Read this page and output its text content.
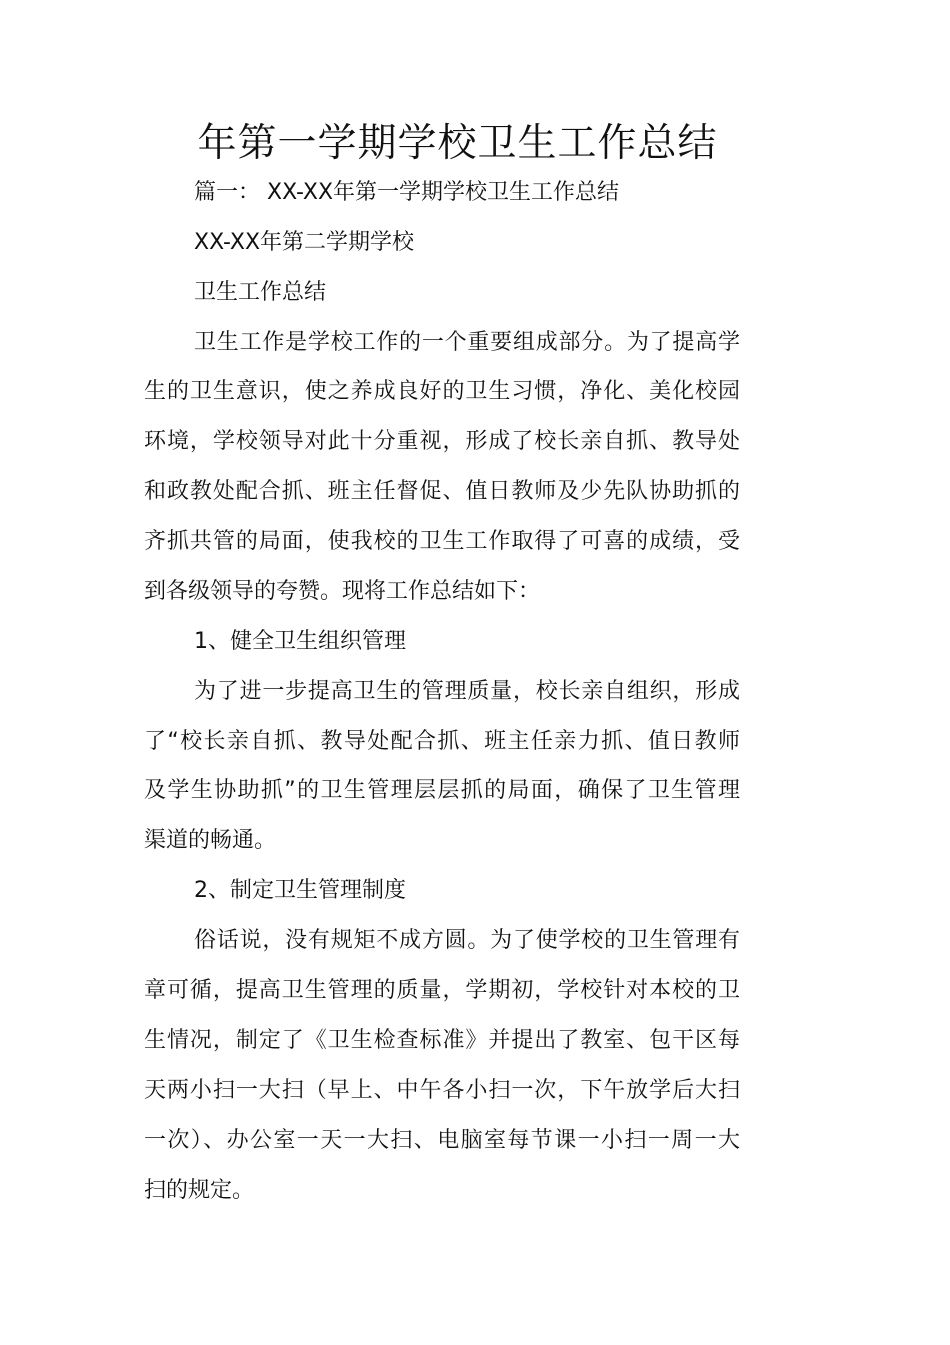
年第一学期学校卫生工作总结
篇一： XX-XX年第一学期学校卫生工作总结
XX-XX年第二学期学校
卫生工作总结
卫生工作是学校工作的一个重要组成部分。为了提高学
生的卫生意识，使之养成良好的卫生习惯，净化、美化校园
环境，学校领导对此十分重视，形成了校长亲自抓、教导处
和政教处配合抓、班主任督促、值日教师及少先队协助抓的
齐抓共管的局面，使我校的卫生工作取得了可喜的成绩，受
到各级领导的夸赞。现将工作总结如下：
1、健全卫生组织管理
为了进一步提高卫生的管理质量，校长亲自组织，形成
了“校长亲自抓、教导处配合抓、班主任亲力抓、值日教师
及学生协助抓”的卫生管理层层抓的局面，确保了卫生管理
渠道的畅通。
2、制定卫生管理制度
俗话说，没有规矩不成方圆。为了使学校的卫生管理有
章可循，提高卫生管理的质量，学期初，学校针对本校的卫
生情况，制定了《卫生检查标准》并提出了教室、包干区每
天两小扫一大扫（早上、中午各小扫一次，下午放学后大扫
一次）、办公室一天一大扫、电脑室每节课一小扫一周一大
扫的规定。
